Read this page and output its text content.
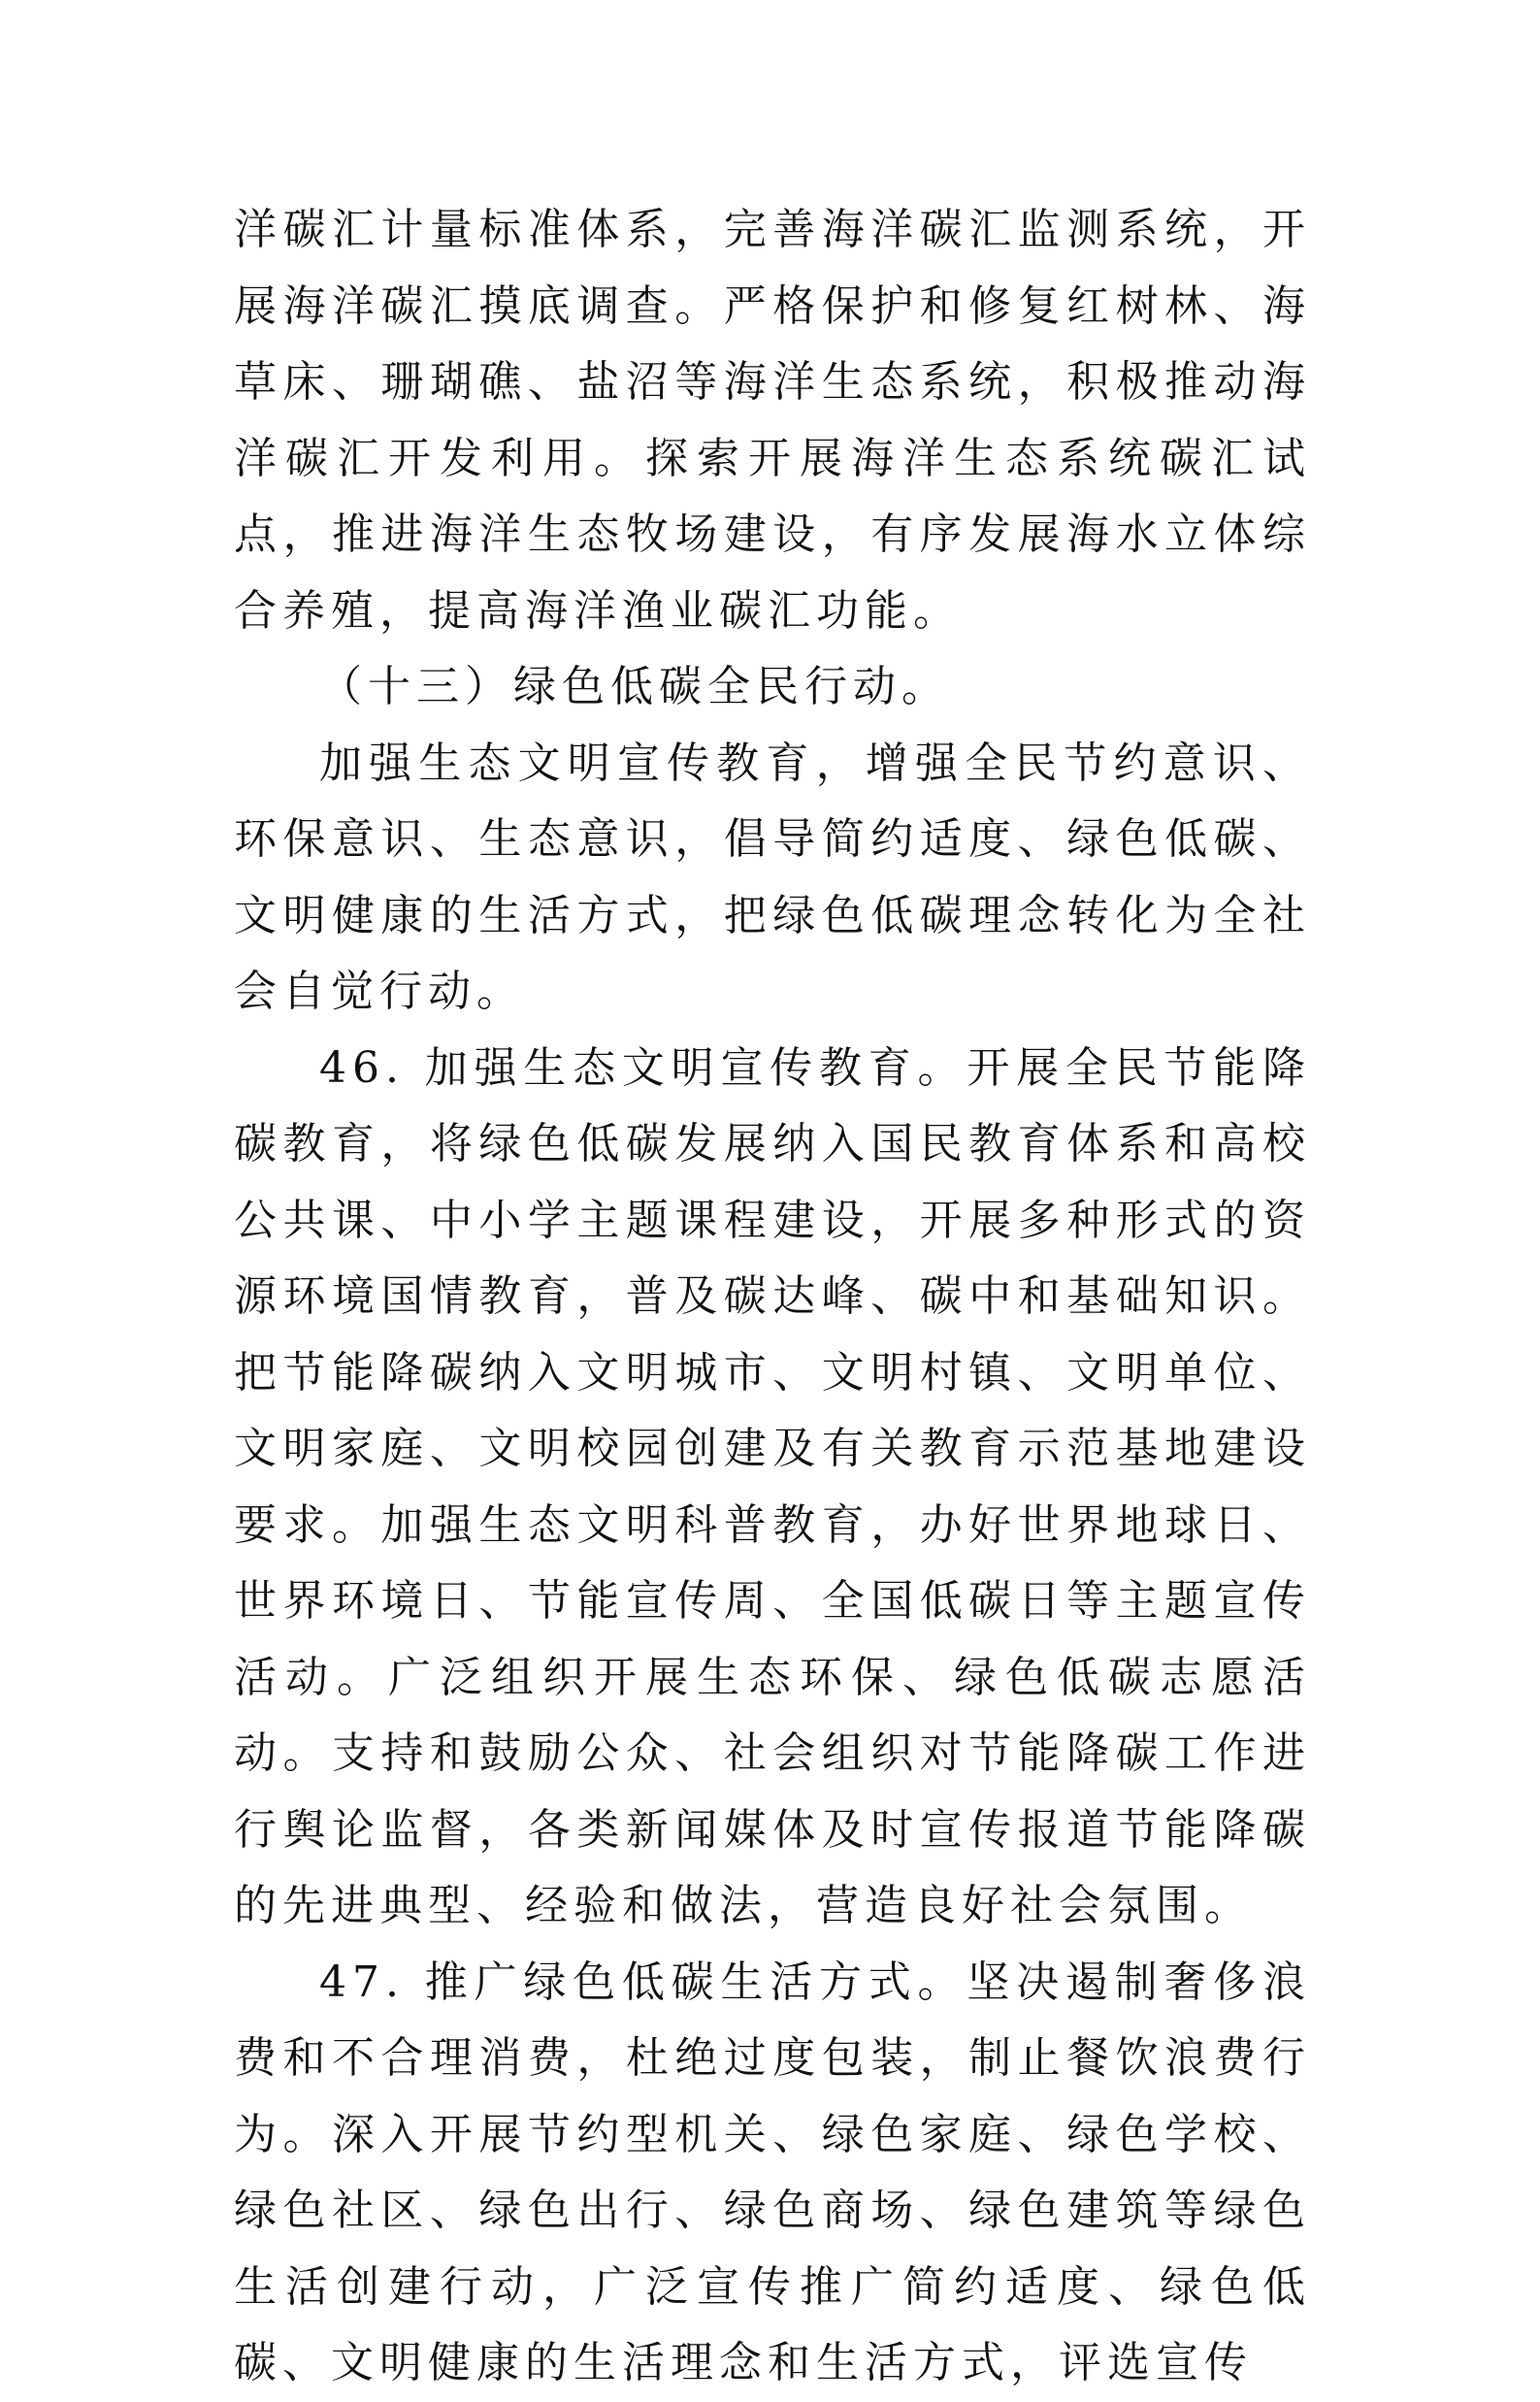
洋碳汇计量标准体系，完善海洋碳汇监测系统，开展海洋碳汇摸底调查。严格保护和修复红树林、海草床、珊瑚礁、盐沼等海洋生态系统，积极推动海洋碳汇开发利用。探索开展海洋生态系统碳汇试点，推进海洋生态牧场建设，有序发展海水立体综合养殖，提高海洋渔业碳汇功能。

（十三）绿色低碳全民行动。

加强生态文明宣传教育，增强全民节约意识、环保意识、生态意识，倡导简约适度、绿色低碳、文明健康的生活方式，把绿色低碳理念转化为全社会自觉行动。

46. 加强生态文明宣传教育。开展全民节能降碳教育，将绿色低碳发展纳入国民教育体系和高校公共课、中小学主题课程建设，开展多种形式的资源环境国情教育，普及碳达峰、碳中和基础知识。把节能降碳纳入文明城市、文明村镇、文明单位、文明家庭、文明校园创建及有关教育示范基地建设要求。加强生态文明科普教育，办好世界地球日、世界环境日、节能宣传周、全国低碳日等主题宣传活动。广泛组织开展生态环保、绿色低碳志愿活动。支持和鼓励公众、社会组织对节能降碳工作进行舆论监督，各类新闻媒体及时宣传报道节能降碳的先进典型、经验和做法，营造良好社会氛围。

47. 推广绿色低碳生活方式。坚决遏制奢侈浪费和不合理消费，杜绝过度包装，制止餐饮浪费行为。深入开展节约型机关、绿色家庭、绿色学校、绿色社区、绿色出行、绿色商场、绿色建筑等绿色生活创建行动，广泛宣传推广简约适度、绿色低碳、文明健康的生活理念和生活方式，评选宣传
